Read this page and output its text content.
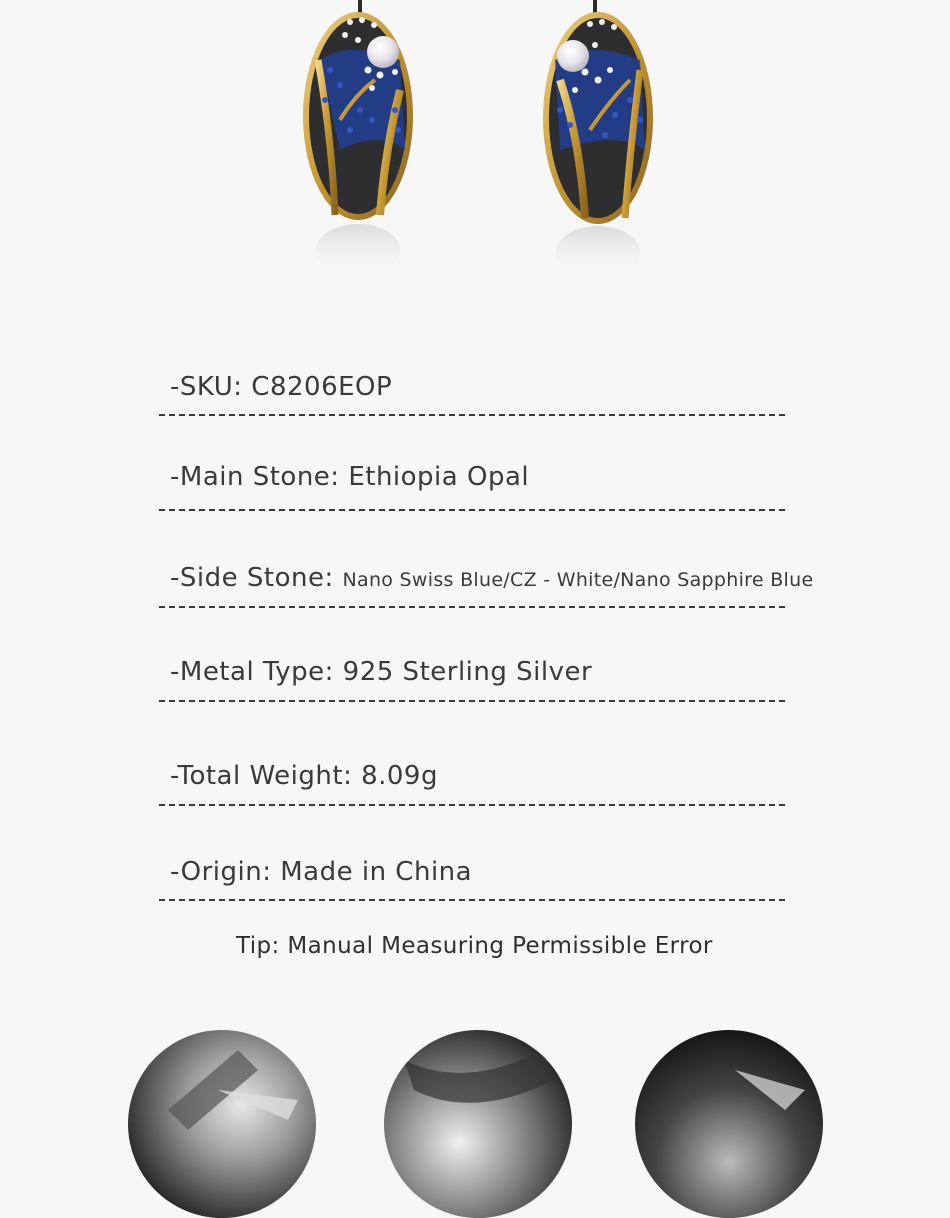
-SKU: C8206EOP
-Main Stone: Ethiopia Opal
-Side Stone: Nano Swiss Blue/CZ - White/Nano Sapphire Blue
-Metal Type: 925 Sterling Silver
-Total Weight: 8.09g
-Origin: Made in China
Tip: Manual Measuring Permissible Error
